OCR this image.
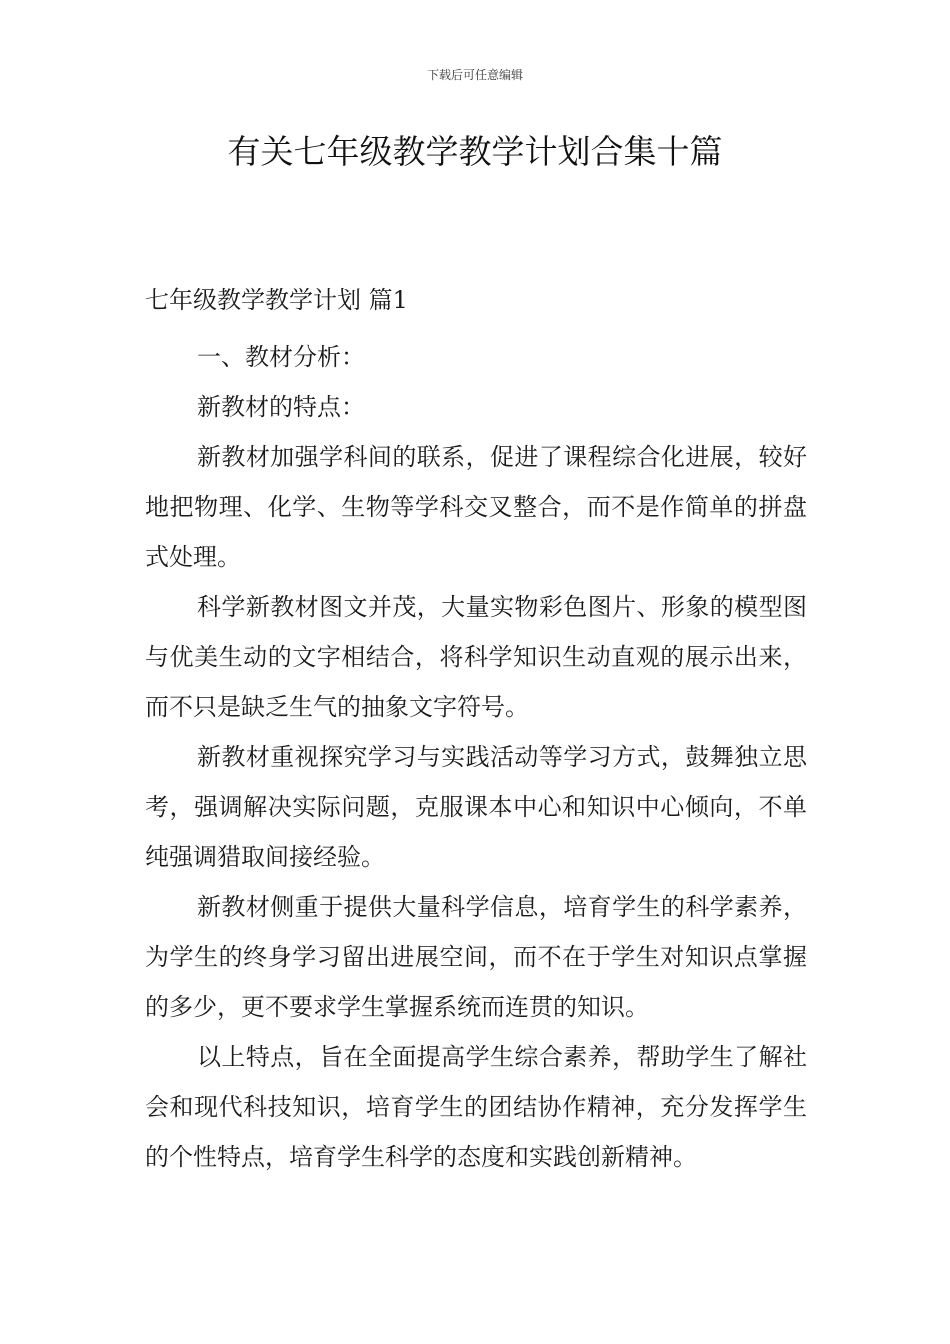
下载后可任意编辑
有关七年级教学教学计划合集十篇
七年级教学教学计划 篇1

一、教材分析：

新教材的特点：

新教材加强学科间的联系，促进了课程综合化进展，较好地把物理、化学、生物等学科交叉整合，而不是作简单的拼盘式处理。

科学新教材图文并茂，大量实物彩色图片、形象的模型图与优美生动的文字相结合，将科学知识生动直观的展示出来，而不只是缺乏生气的抽象文字符号。

新教材重视探究学习与实践活动等学习方式，鼓舞独立思考，强调解决实际问题，克服课本中心和知识中心倾向，不单纯强调猎取间接经验。

新教材侧重于提供大量科学信息，培育学生的科学素养，为学生的终身学习留出进展空间，而不在于学生对知识点掌握的多少，更不要求学生掌握系统而连贯的知识。

以上特点，旨在全面提高学生综合素养，帮助学生了解社会和现代科技知识，培育学生的团结协作精神，充分发挥学生的个性特点，培育学生科学的态度和实践创新精神。
